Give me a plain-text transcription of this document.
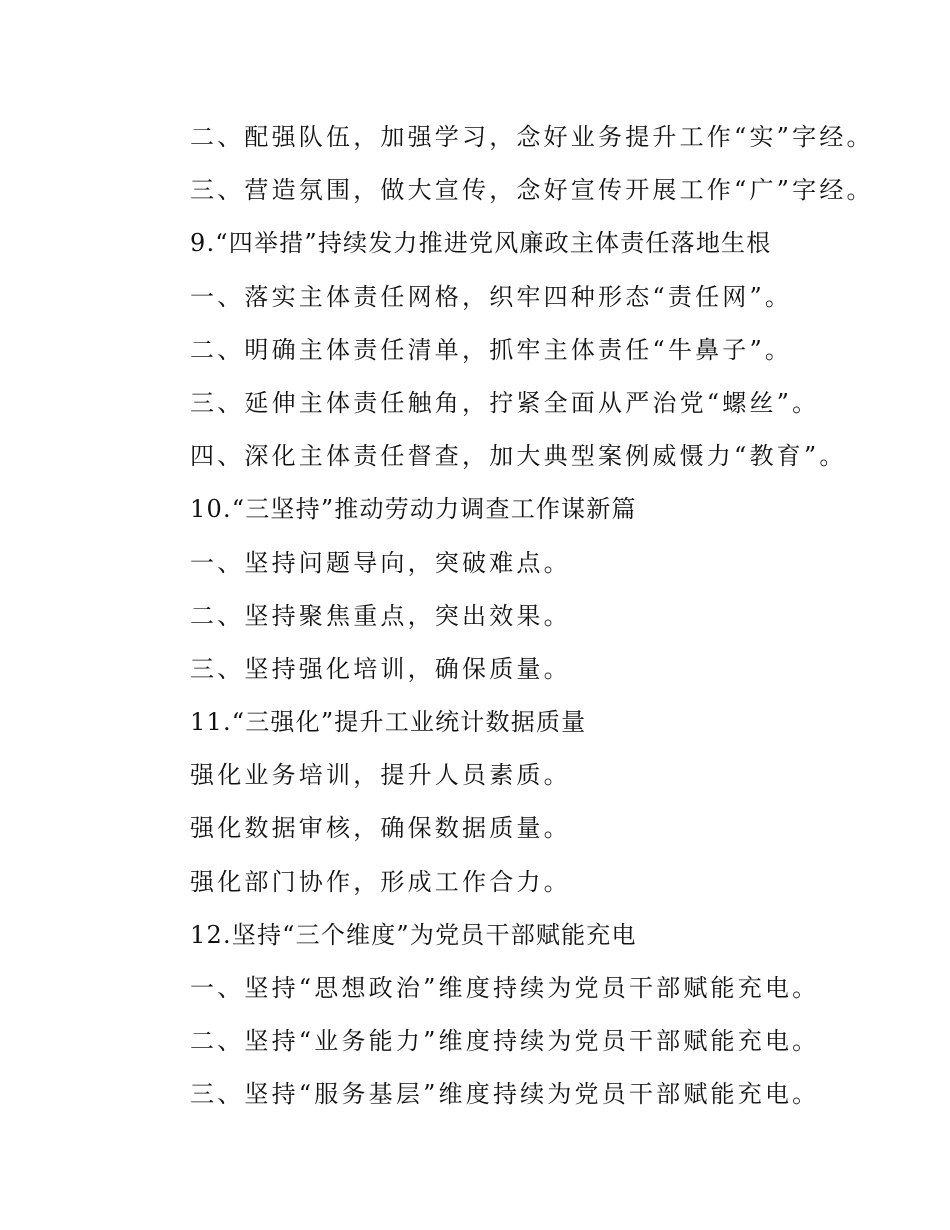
二、配强队伍，加强学习，念好业务提升工作“实”字经。
三、营造氛围，做大宣传，念好宣传开展工作“广”字经。
9.“四举措”持续发力推进党风廉政主体责任落地生根
一、落实主体责任网格，织牢四种形态“责任网”。
二、明确主体责任清单，抓牢主体责任“牛鼻子”。
三、延伸主体责任触角，拧紧全面从严治党“螺丝”。
四、深化主体责任督查，加大典型案例威慑力“教育”。
10.“三坚持”推动劳动力调查工作谋新篇
一、坚持问题导向，突破难点。
二、坚持聚焦重点，突出效果。
三、坚持强化培训，确保质量。
11.“三强化”提升工业统计数据质量
强化业务培训，提升人员素质。
强化数据审核，确保数据质量。
强化部门协作，形成工作合力。
12.坚持“三个维度”为党员干部赋能充电
一、坚持“思想政治”维度持续为党员干部赋能充电。
二、坚持“业务能力”维度持续为党员干部赋能充电。
三、坚持“服务基层”维度持续为党员干部赋能充电。
